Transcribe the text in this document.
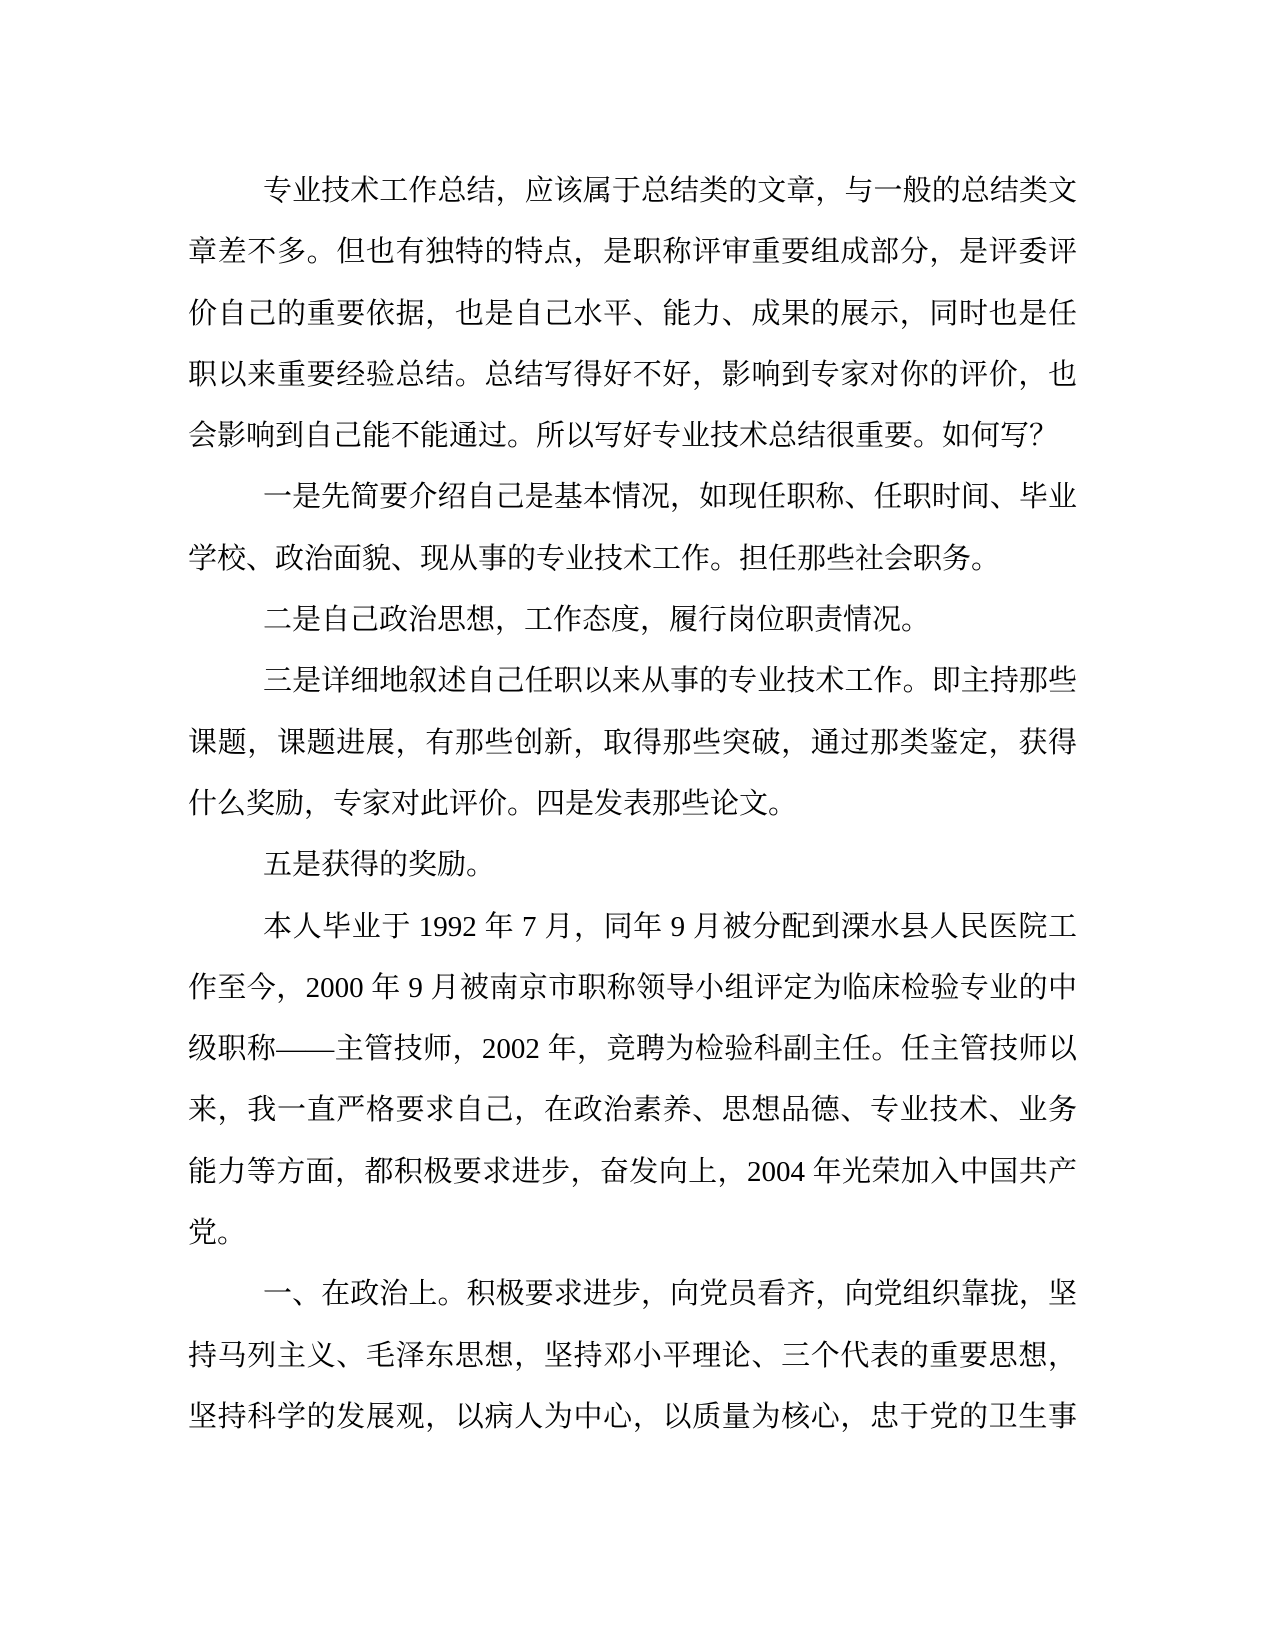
专业技术工作总结，应该属于总结类的文章，与一般的总结类文
章差不多。但也有独特的特点，是职称评审重要组成部分，是评委评
价自己的重要依据，也是自己水平、能力、成果的展示，同时也是任
职以来重要经验总结。总结写得好不好，影响到专家对你的评价，也
会影响到自己能不能通过。所以写好专业技术总结很重要。如何写？
一是先简要介绍自己是基本情况，如现任职称、任职时间、毕业
学校、政治面貌、现从事的专业技术工作。担任那些社会职务。
二是自己政治思想，工作态度，履行岗位职责情况。
三是详细地叙述自己任职以来从事的专业技术工作。即主持那些
课题，课题进展，有那些创新，取得那些突破，通过那类鉴定，获得
什么奖励，专家对此评价。四是发表那些论文。
五是获得的奖励。
本人毕业于 1992 年 7 月，同年 9 月被分配到溧水县人民医院工
作至今，2000 年 9 月被南京市职称领导小组评定为临床检验专业的中
级职称——主管技师，2002 年，竞聘为检验科副主任。任主管技师以
来，我一直严格要求自己，在政治素养、思想品德、专业技术、业务
能力等方面，都积极要求进步，奋发向上，2004 年光荣加入中国共产
党。
一、在政治上。积极要求进步，向党员看齐，向党组织靠拢，坚
持马列主义、毛泽东思想，坚持邓小平理论、三个代表的重要思想，
坚持科学的发展观，以病人为中心，以质量为核心，忠于党的卫生事
